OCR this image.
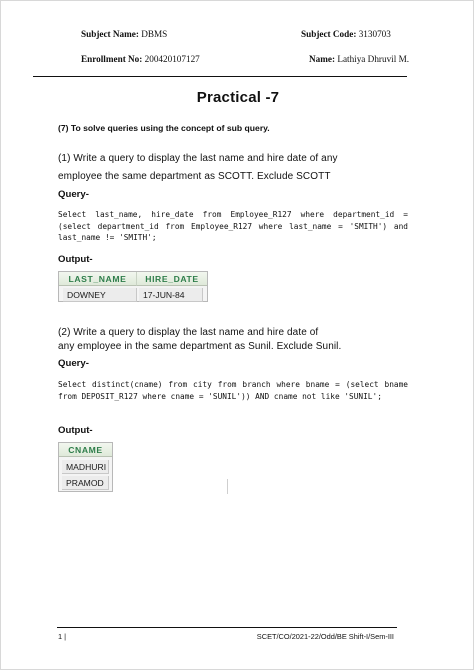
Subject Name: DBMS	Subject Code: 3130703
Enrollment No: 200420107127	Name: Lathiya Dhruvil M.
Practical -7
(7) To solve queries using the concept of sub query.
(1) Write a query to display the last name and hire date of any
employee the same department as SCOTT. Exclude SCOTT
Query-
Select last_name, hire_date from Employee_R127 where department_id = (select department_id from Employee_R127 where last_name = 'SMITH') and last_name != 'SMITH';
Output-
LAST_NAME	HIRE_DATE
DOWNEY	17-JUN-84
(2) Write a query to display the last name and hire date of
any employee in the same department as Sunil. Exclude Sunil.
Query-
Select distinct(cname) from city from branch where bname = (select bname from DEPOSIT_R127 where cname = 'SUNIL')) AND cname not like 'SUNIL';
Output-
CNAME
MADHURI
PRAMOD
1 |	SCET/CO/2021-22/Odd/BE Shift-I/Sem-III
